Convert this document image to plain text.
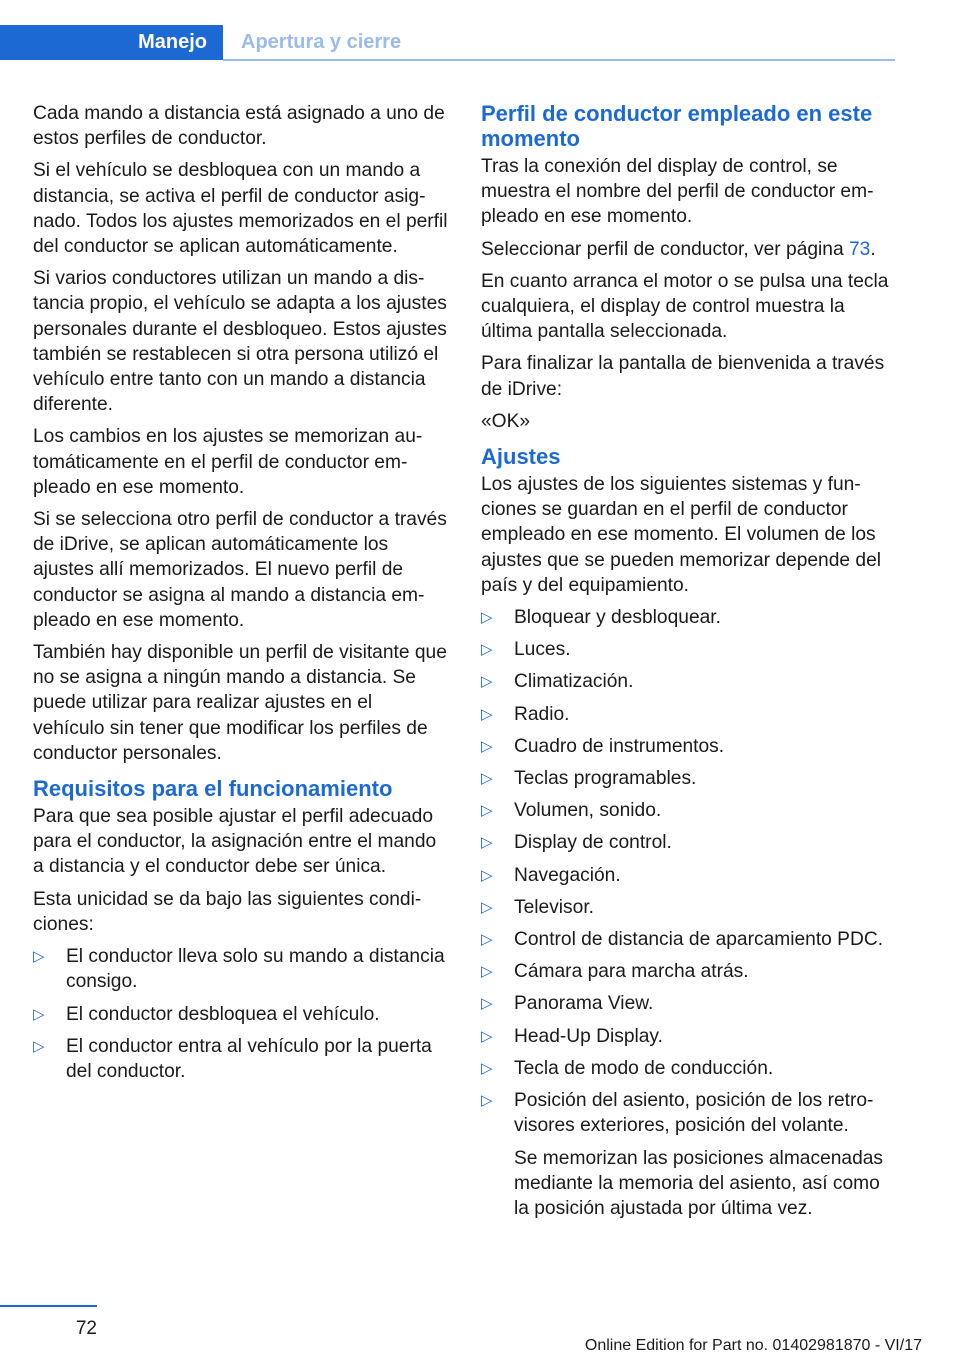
Manejo	Apertura y cierre

Cada mando a distancia está asignado a uno de estos perfiles de conductor.

Si el vehículo se desbloquea con un mando a distancia, se activa el perfil de conductor asignado. Todos los ajustes memorizados en el perfil del conductor se aplican automáticamente.

Si varios conductores utilizan un mando a distancia propio, el vehículo se adapta a los ajustes personales durante el desbloqueo. Estos ajustes también se restablecen si otra persona utilizó el vehículo entre tanto con un mando a distancia diferente.

Los cambios en los ajustes se memorizan automáticamente en el perfil de conductor empleado en ese momento.

Si se selecciona otro perfil de conductor a través de iDrive, se aplican automáticamente los ajustes allí memorizados. El nuevo perfil de conductor se asigna al mando a distancia empleado en ese momento.

También hay disponible un perfil de visitante que no se asigna a ningún mando a distancia. Se puede utilizar para realizar ajustes en el vehículo sin tener que modificar los perfiles de conductor personales.

Requisitos para el funcionamiento

Para que sea posible ajustar el perfil adecuado para el conductor, la asignación entre el mando a distancia y el conductor debe ser única.

Esta unicidad se da bajo las siguientes condiciones:

▷ El conductor lleva solo su mando a distancia consigo.
▷ El conductor desbloquea el vehículo.
▷ El conductor entra al vehículo por la puerta del conductor.
Perfil de conductor empleado en este momento

Tras la conexión del display de control, se muestra el nombre del perfil de conductor empleado en ese momento.

Seleccionar perfil de conductor, ver página 73.

En cuanto arranca el motor o se pulsa una tecla cualquiera, el display de control muestra la última pantalla seleccionada.

Para finalizar la pantalla de bienvenida a través de iDrive:

«OK»

Ajustes

Los ajustes de los siguientes sistemas y funciones se guardan en el perfil de conductor empleado en ese momento. El volumen de los ajustes que se pueden memorizar depende del país y del equipamiento.

▷ Bloquear y desbloquear.
▷ Luces.
▷ Climatización.
▷ Radio.
▷ Cuadro de instrumentos.
▷ Teclas programables.
▷ Volumen, sonido.
▷ Display de control.
▷ Navegación.
▷ Televisor.
▷ Control de distancia de aparcamiento PDC.
▷ Cámara para marcha atrás.
▷ Panorama View.
▷ Head-Up Display.
▷ Tecla de modo de conducción.
▷ Posición del asiento, posición de los retrovisores exteriores, posición del volante.

Se memorizan las posiciones almacenadas mediante la memoria del asiento, así como la posición ajustada por última vez.

72
Online Edition for Part no. 01402981870 - VI/17
